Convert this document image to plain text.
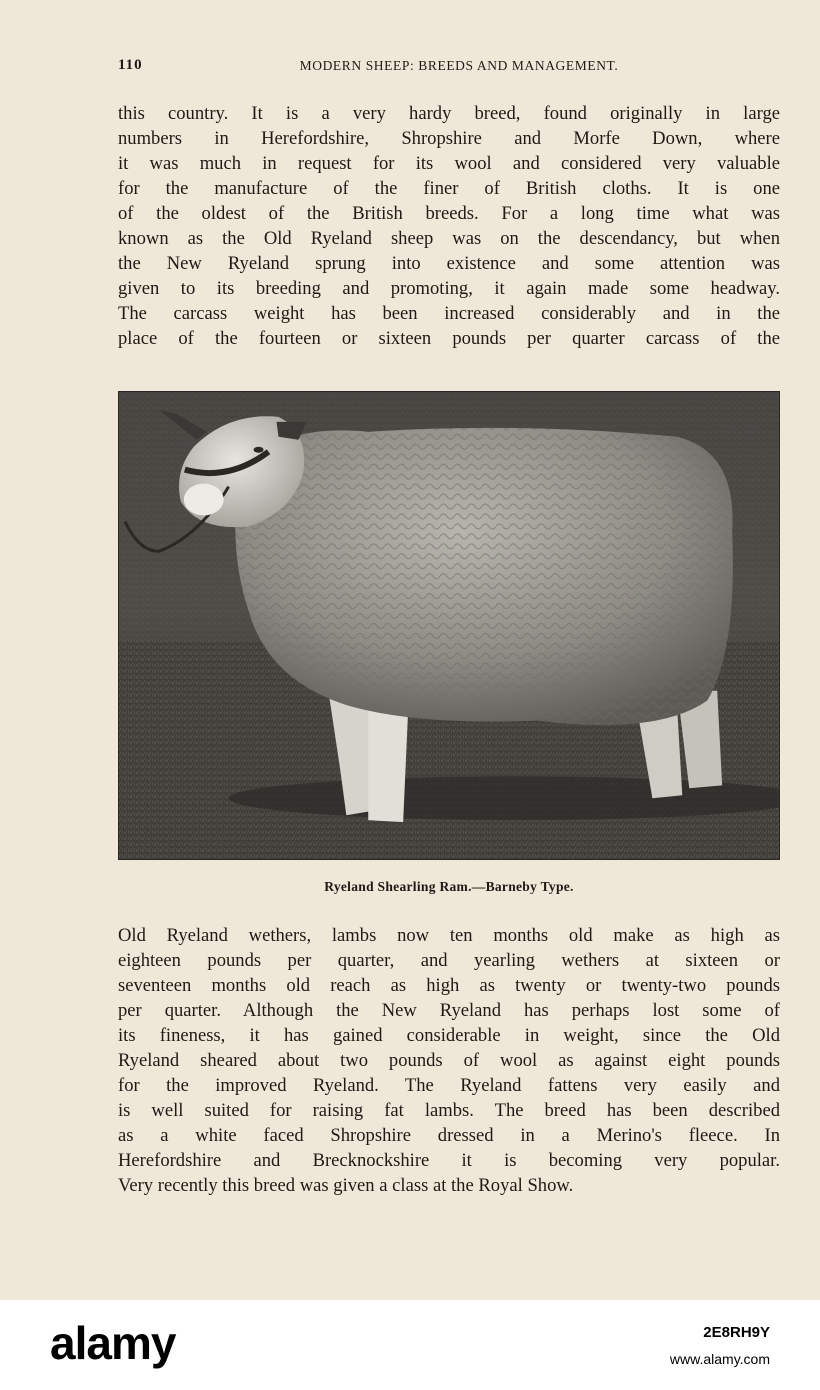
110	MODERN SHEEP: BREEDS AND MANAGEMENT.
this country. It is a very hardy breed, found originally in large
numbers in Herefordshire, Shropshire and Morfe Down, where
it was much in request for its wool and considered very valuable
for the manufacture of the finer of British cloths. It is one
of the oldest of the British breeds. For a long time what was
known as the Old Ryeland sheep was on the descendancy, but when
the New Ryeland sprung into existence and some attention was
given to its breeding and promoting, it again made some headway.
The carcass weight has been increased considerably and in the
place of the fourteen or sixteen pounds per quarter carcass of the
Ryeland Shearling Ram.—Barneby Type.
Old Ryeland wethers, lambs now ten months old make as high as
eighteen pounds per quarter, and yearling wethers at sixteen or
seventeen months old reach as high as twenty or twenty-two pounds
per quarter. Although the New Ryeland has perhaps lost some of
its fineness, it has gained considerable in weight, since the Old
Ryeland sheared about two pounds of wool as against eight pounds
for the improved Ryeland. The Ryeland fattens very easily and
is well suited for raising fat lambs. The breed has been described
as a white faced Shropshire dressed in a Merino's fleece. In
Herefordshire and Brecknockshire it is becoming very popular.
Very recently this breed was given a class at the Royal Show.
alamy	2E8RH9Y
www.alamy.com
